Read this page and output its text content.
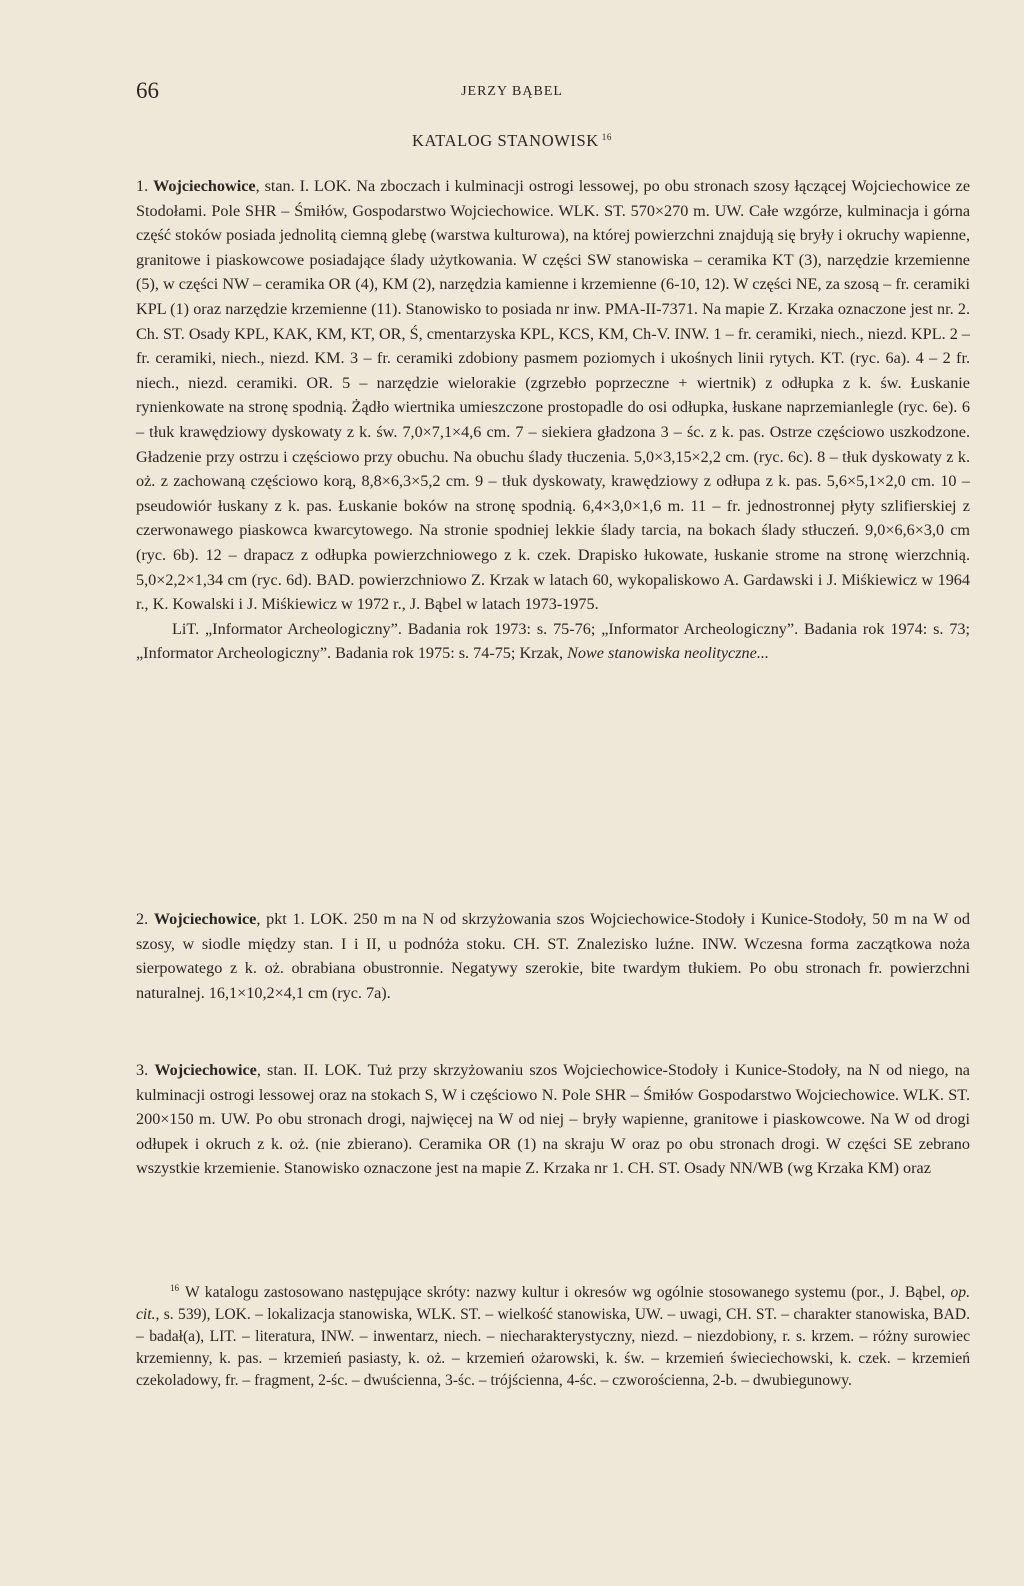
66	JERZY BĄBEL
KATALOG STANOWISK $^{16}$

1. Wojciechowice, stan. I. LOK. Na zboczach i kulminacji ostrogi lessowej, po obu stronach szosy łączącej Wojciechowice ze Stodołami. Pole SHR – Śmiłów, Gospodarstwo Wojciechowice. WLK. ST. 570×270 m. UW. Całe wzgórze, kulminacja i górna część stoków posiada jednolitą ciemną glebę (warstwa kulturowa), na której powierzchni znajdują się bryły i okruchy wapienne, granitowe i piaskowcowe posiadające ślady użytkowania. W części SW stanowiska – ceramika KT (3), narzędzie krzemienne (5), w części NW – ceramika OR (4), KM (2), narzędzia kamienne i krzemienne (6-10, 12). W części NE, za szosą – fr. ceramiki KPL (1) oraz narzędzie krzemienne (11). Stanowisko to posiada nr inw. PMA-II-7371. Na mapie Z. Krzaka oznaczone jest nr. 2. Ch. ST. Osady KPL, KAK, KM, KT, OR, Ś, cmentarzyska KPL, KCS, KM, Ch-V. INW. 1 – fr. ceramiki, niech., niezd. KPL. 2 – fr. ceramiki, niech., niezd. KM. 3 – fr. ceramiki zdobiony pasmem poziomych i ukośnych linii rytych. KT. (ryc. 6a). 4 – 2 fr. niech., niezd. ceramiki. OR. 5 – narzędzie wielorakie (zgrzebło poprzeczne + wiertnik) z odłupka z k. św. Łuskanie rynienkowate na stronę spodnią. Żądło wiertnika umieszczone prostopadle do osi odłupka, łuskane naprzemianlegle (ryc. 6e). 6 – tłuk krawędziowy dyskowaty z k. św. 7,0×7,1×4,6 cm. 7 – siekiera gładzona 3 – śc. z k. pas. Ostrze częściowo uszkodzone. Gładzenie przy ostrzu i częściowo przy obuchu. Na obuchu ślady tłuczenia. 5,0×3,15×2,2 cm. (ryc. 6c). 8 – tłuk dyskowaty z k. oż. z zachowaną częściowo korą, 8,8×6,3×5,2 cm. 9 – tłuk dyskowaty, krawędziowy z odłupa z k. pas. 5,6×5,1×2,0 cm. 10 – pseudowiór łuskany z k. pas. Łuskanie boków na stronę spodnią. 6,4×3,0×1,6 m. 11 – fr. jednostronnej płyty szlifierskiej z czerwonawego piaskowca kwarcytowego. Na stronie spodniej lekkie ślady tarcia, na bokach ślady stłuczeń. 9,0×6,6×3,0 cm (ryc. 6b). 12 – drapacz z odłupka powierzchniowego z k. czek. Drapisko łukowate, łuskanie strome na stronę wierzchnią. 5,0×2,2×1,34 cm (ryc. 6d). BAD. powierzchniowo Z. Krzak w latach 60, wykopaliskowo A. Gardawski i J. Miśkiewicz w 1964 r., K. Kowalski i J. Miśkiewicz w 1972 r., J. Bąbel w latach 1973-1975.

LiT. „Informator Archeologiczny”. Badania rok 1973: s. 75-76; „Informator Archeologiczny”. Badania rok 1974: s. 73; „Informator Archeologiczny”. Badania rok 1975: s. 74-75; Krzak, Nowe stanowiska neolityczne...

2. Wojciechowice, pkt 1. LOK. 250 m na N od skrzyżowania szos Wojciechowice-Stodoły i Kunice-Stodoły, 50 m na W od szosy, w siodle między stan. I i II, u podnóża stoku. CH. ST. Znalezisko luźne. INW. Wczesna forma zaczątkowa noża sierpowatego z k. oż. obrabiana obustronnie. Negatywy szerokie, bite twardym tłukiem. Po obu stronach fr. powierzchni naturalnej. 16,1×10,2×4,1 cm (ryc. 7a).

3. Wojciechowice, stan. II. LOK. Tuż przy skrzyżowaniu szos Wojciechowice-Stodoły i Kunice-Stodoły, na N od niego, na kulminacji ostrogi lessowej oraz na stokach S, W i częściowo N. Pole SHR – Śmiłów Gospodarstwo Wojciechowice. WLK. ST. 200×150 m. UW. Po obu stronach drogi, najwięcej na W od niej – bryły wapienne, granitowe i piaskowcowe. Na W od drogi odłupek i okruch z k. oż. (nie zbierano). Ceramika OR (1) na skraju W oraz po obu stronach drogi. W części SE zebrano wszystkie krzemienie. Stanowisko oznaczone jest na mapie Z. Krzaka nr 1. CH. ST. Osady NN/WB (wg Krzaka KM) oraz

$^{16}$ W katalogu zastosowano następujące skróty: nazwy kultur i okresów wg ogólnie stosowanego systemu (por., J. Bąbel, op. cit., s. 539), LOK. – lokalizacja stanowiska, WLK. ST. – wielkość stanowiska, UW. – uwagi, CH. ST. – charakter stanowiska, BAD. – badał(a), LIT. – literatura, INW. – inwentarz, niech. – niecharakterystyczny, niezd. – niezdobiony, r. s. krzem. – różny surowiec krzemienny, k. pas. – krzemień pasiasty, k. oż. – krzemień ożarowski, k. św. – krzemień świeciechowski, k. czek. – krzemień czekoladowy, fr. – fragment, 2-śc. – dwuścienna, 3-śc. – trójścienna, 4-śc. – czworościenna, 2-b. – dwubiegunowy.
